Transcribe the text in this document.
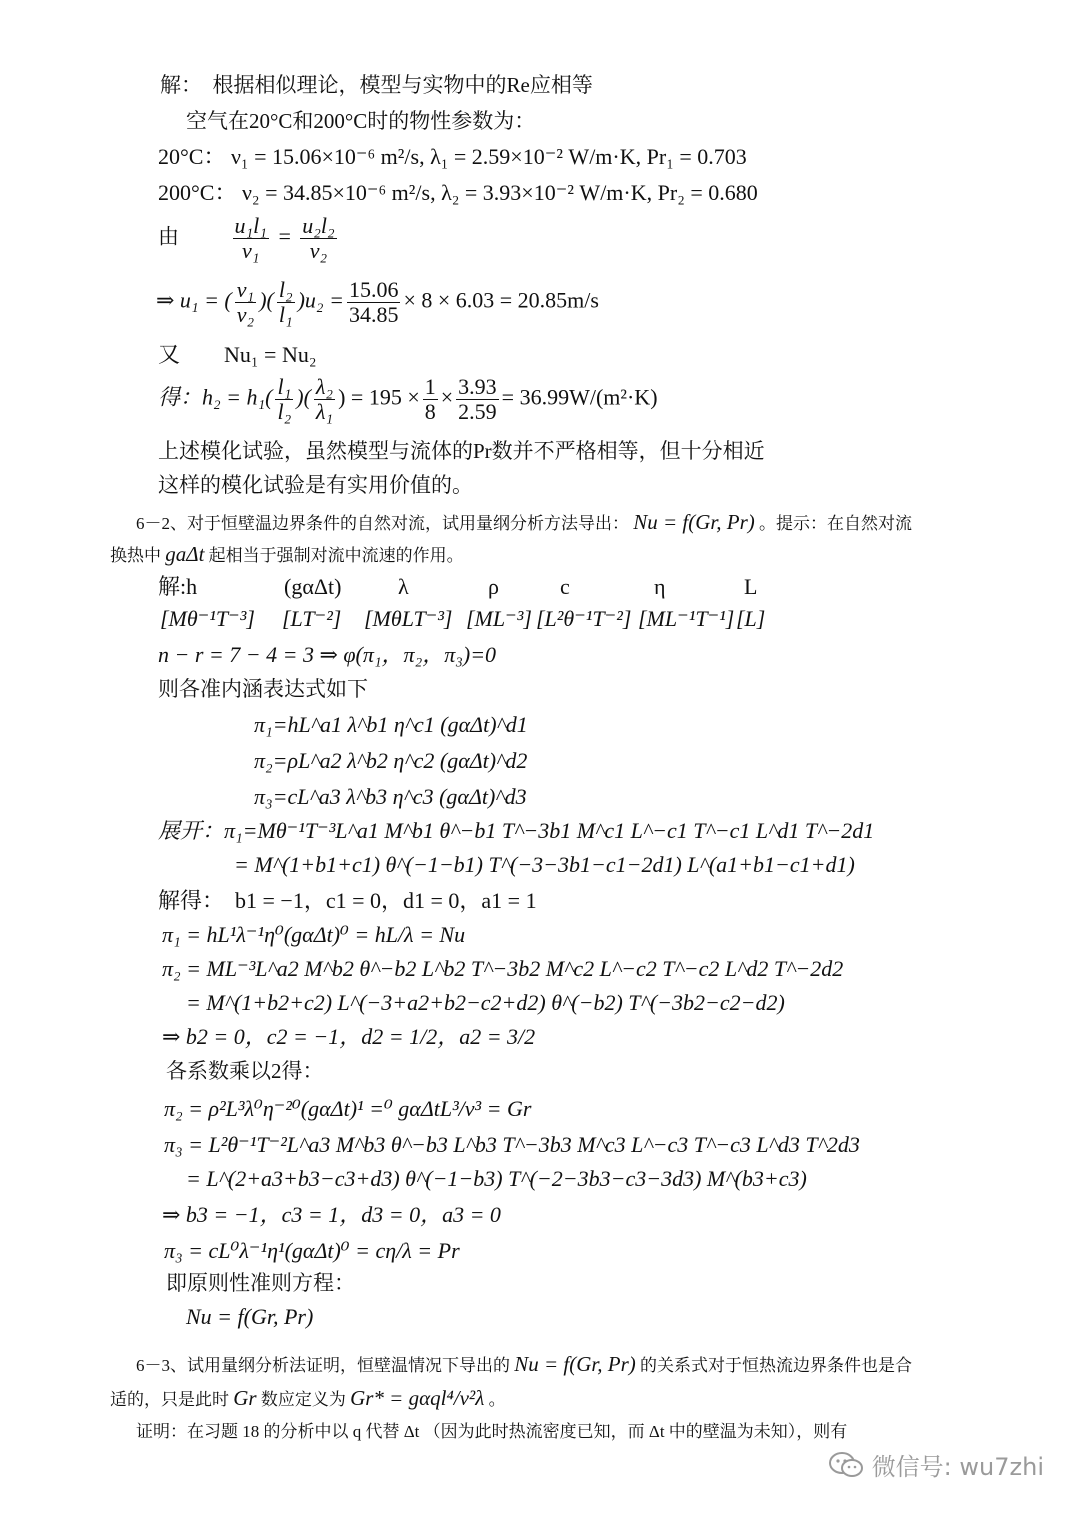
解：　根据相似理论，模型与实物中的Re应相等
空气在20°C和200°C时的物性参数为：
20°C： ν₁ = 15.06×10⁻⁶ m²/s, λ₁ = 2.59×10⁻² W/m·K, Pr₁ = 0.703
200°C： ν₂ = 34.85×10⁻⁶ m²/s, λ₂ = 3.93×10⁻² W/m·K, Pr₂ = 0.680
由 $\frac{\text{u₁l₁}}{\text{ν₁}} = \frac{\text{u₂l₂}}{\text{ν₂}}$
⇒ u₁ = ( $\frac{\text{ν₁}}{\text{ν₂}}$ )( $\frac{\text{l₂}}{\text{l₁}} )u_2 = \frac{15.06}{34.85} \times 8 \times 6.03 = 20.85m/s$
又　　Nu₁ = Nu₂
得：$h_2 = h_1( \frac{\text{l₁}}{\text{l₂}}$ )( $\frac{\text{λ₂}}{\text{λ₁}}$ ) = $195 \times \frac{1}{8} \times \frac{3.93}{2.59} = 36.99W/(m^2\cdot K)$
上述模化试验，虽然模型与流体的Pr数并不严格相等，但十分相近
这样的模化试验是有实用价值的。
6－2、对于恒壁温边界条件的自然对流，试用量纲分析方法导出： Nu = f(Gr, Pr) 。提示：在自然对流
换热中 gaΔt 起相当于强制对流中流速的作用。
解:h	(gαΔt)	λ	ρ	c	η	L
[Mθ⁻¹T⁻³] [LT⁻²] [MθLT⁻³] [ML⁻³] [L²θ⁻¹T⁻²] [ML⁻¹T⁻¹] [L]
n − r = 7 − 4 = 3 ⇒ φ(π₁，π₂，π₃)=0
则各准内涵表达式如下
π₁=hL^a1 λ^b1 η^c1 (gαΔt)^d1
π₂=ρL^a2 λ^b2 η^c2 (gαΔt)^d2
π₃=cL^a3 λ^b3 η^c3 (gαΔt)^d3
展开：π₁=Mθ⁻¹T⁻³L^a1 M^b1 θ^−b1 T^−3b1 M^c1 L^−c1 T^−c1 L^d1 T^−2d1
= M^(1+b1+c1) θ^(−1−b1) T^(−3−3b1−c1−2d1) L^(a1+b1−c1+d1)
解得：　b1 = −1，c1 = 0，d1 = 0，a1 = 1
π₁ = hL¹λ⁻¹η⁰(gαΔt)⁰ = hL/λ = Nu
π₂ = ML⁻³L^a2 M^b2 θ^−b2 L^b2 T^−3b2 M^c2 L^−c2 T^−c2 L^d2 T^−2d2
= M^(1+b2+c2) L^(−3+a2+b2−c2+d2) θ^(−b2) T^(−3b2−c2−d2)
⇒ b2 = 0，c2 = −1，d2 = 1/2，a2 = 3/2
各系数乘以2得：
π₂ = ρ²L³λ⁰η⁻²⁰(gαΔt)¹ =⁰ gαΔtL³/ν³ = Gr
π₃ = L²θ⁻¹T⁻²L^a3 M^b3 θ^−b3 L^b3 T^−3b3 M^c3 L^−c3 T^−c3 L^d3 T^2d3
= L^(2+a3+b3−c3+d3) θ^(−1−b3) T^(−2−3b3−c3−3d3) M^(b3+c3)
⇒ b3 = −1，c3 = 1，d3 = 0，a3 = 0
π₃ = cL⁰λ⁻¹η¹(gαΔt)⁰ = cη/λ = Pr
即原则性准则方程：
Nu = f(Gr, Pr)
6－3、试用量纲分析法证明，恒壁温情况下导出的 Nu = f(Gr, Pr) 的关系式对于恒热流边界条件也是合
适的，只是此时 Gr 数应定义为 Gr* = gαql⁴/ν²λ 。
证明：在习题 18 的分析中以 q 代替 Δt （因为此时热流密度已知，而 Δt 中的壁温为未知），则有
微信号: wu7zhi
